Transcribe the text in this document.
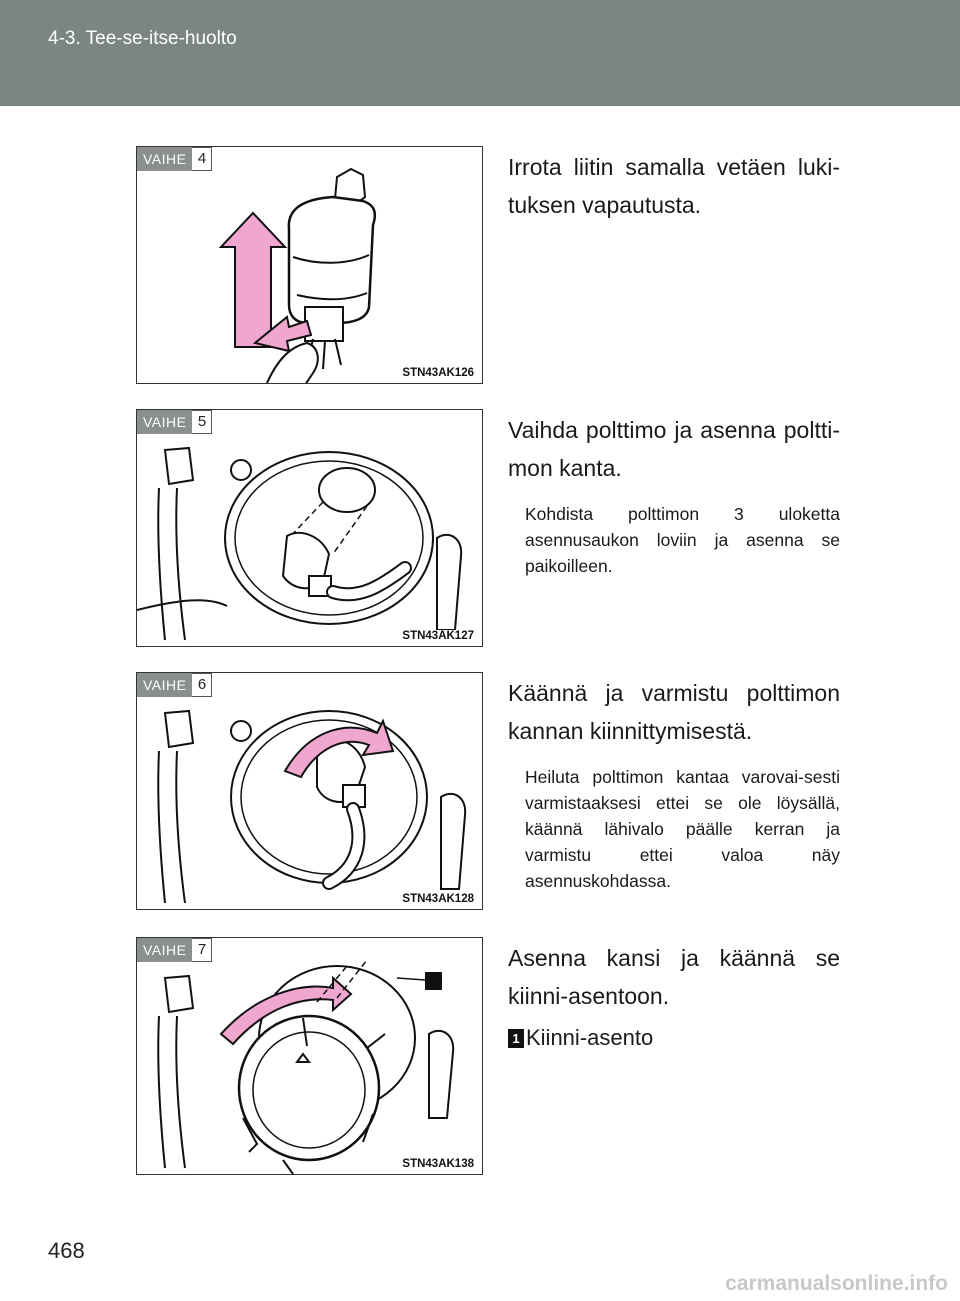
4-3. Tee-se-itse-huolto
VAIHE 4
STN43AK126

Irrota liitin samalla vetäen luki-tuksen vapautusta.

VAIHE 5
STN43AK127

Vaihda polttimo ja asenna poltti-mon kanta.

Kohdista polttimon 3 uloketta asennusaukon loviin ja asenna se paikoilleen.

VAIHE 6
STN43AK128

Käännä ja varmistu polttimon kannan kiinnittymisestä.

Heiluta polttimon kantaa varovai-sesti varmistaaksesi ettei se ole löysällä, käännä lähivalo päälle kerran ja varmistu ettei valoa näy asennuskohdassa.

VAIHE 7
STN43AK138

Asenna kansi ja käännä se kiinni-asentoon.

1 Kiinni-asento
468
carmanualsonline.info
